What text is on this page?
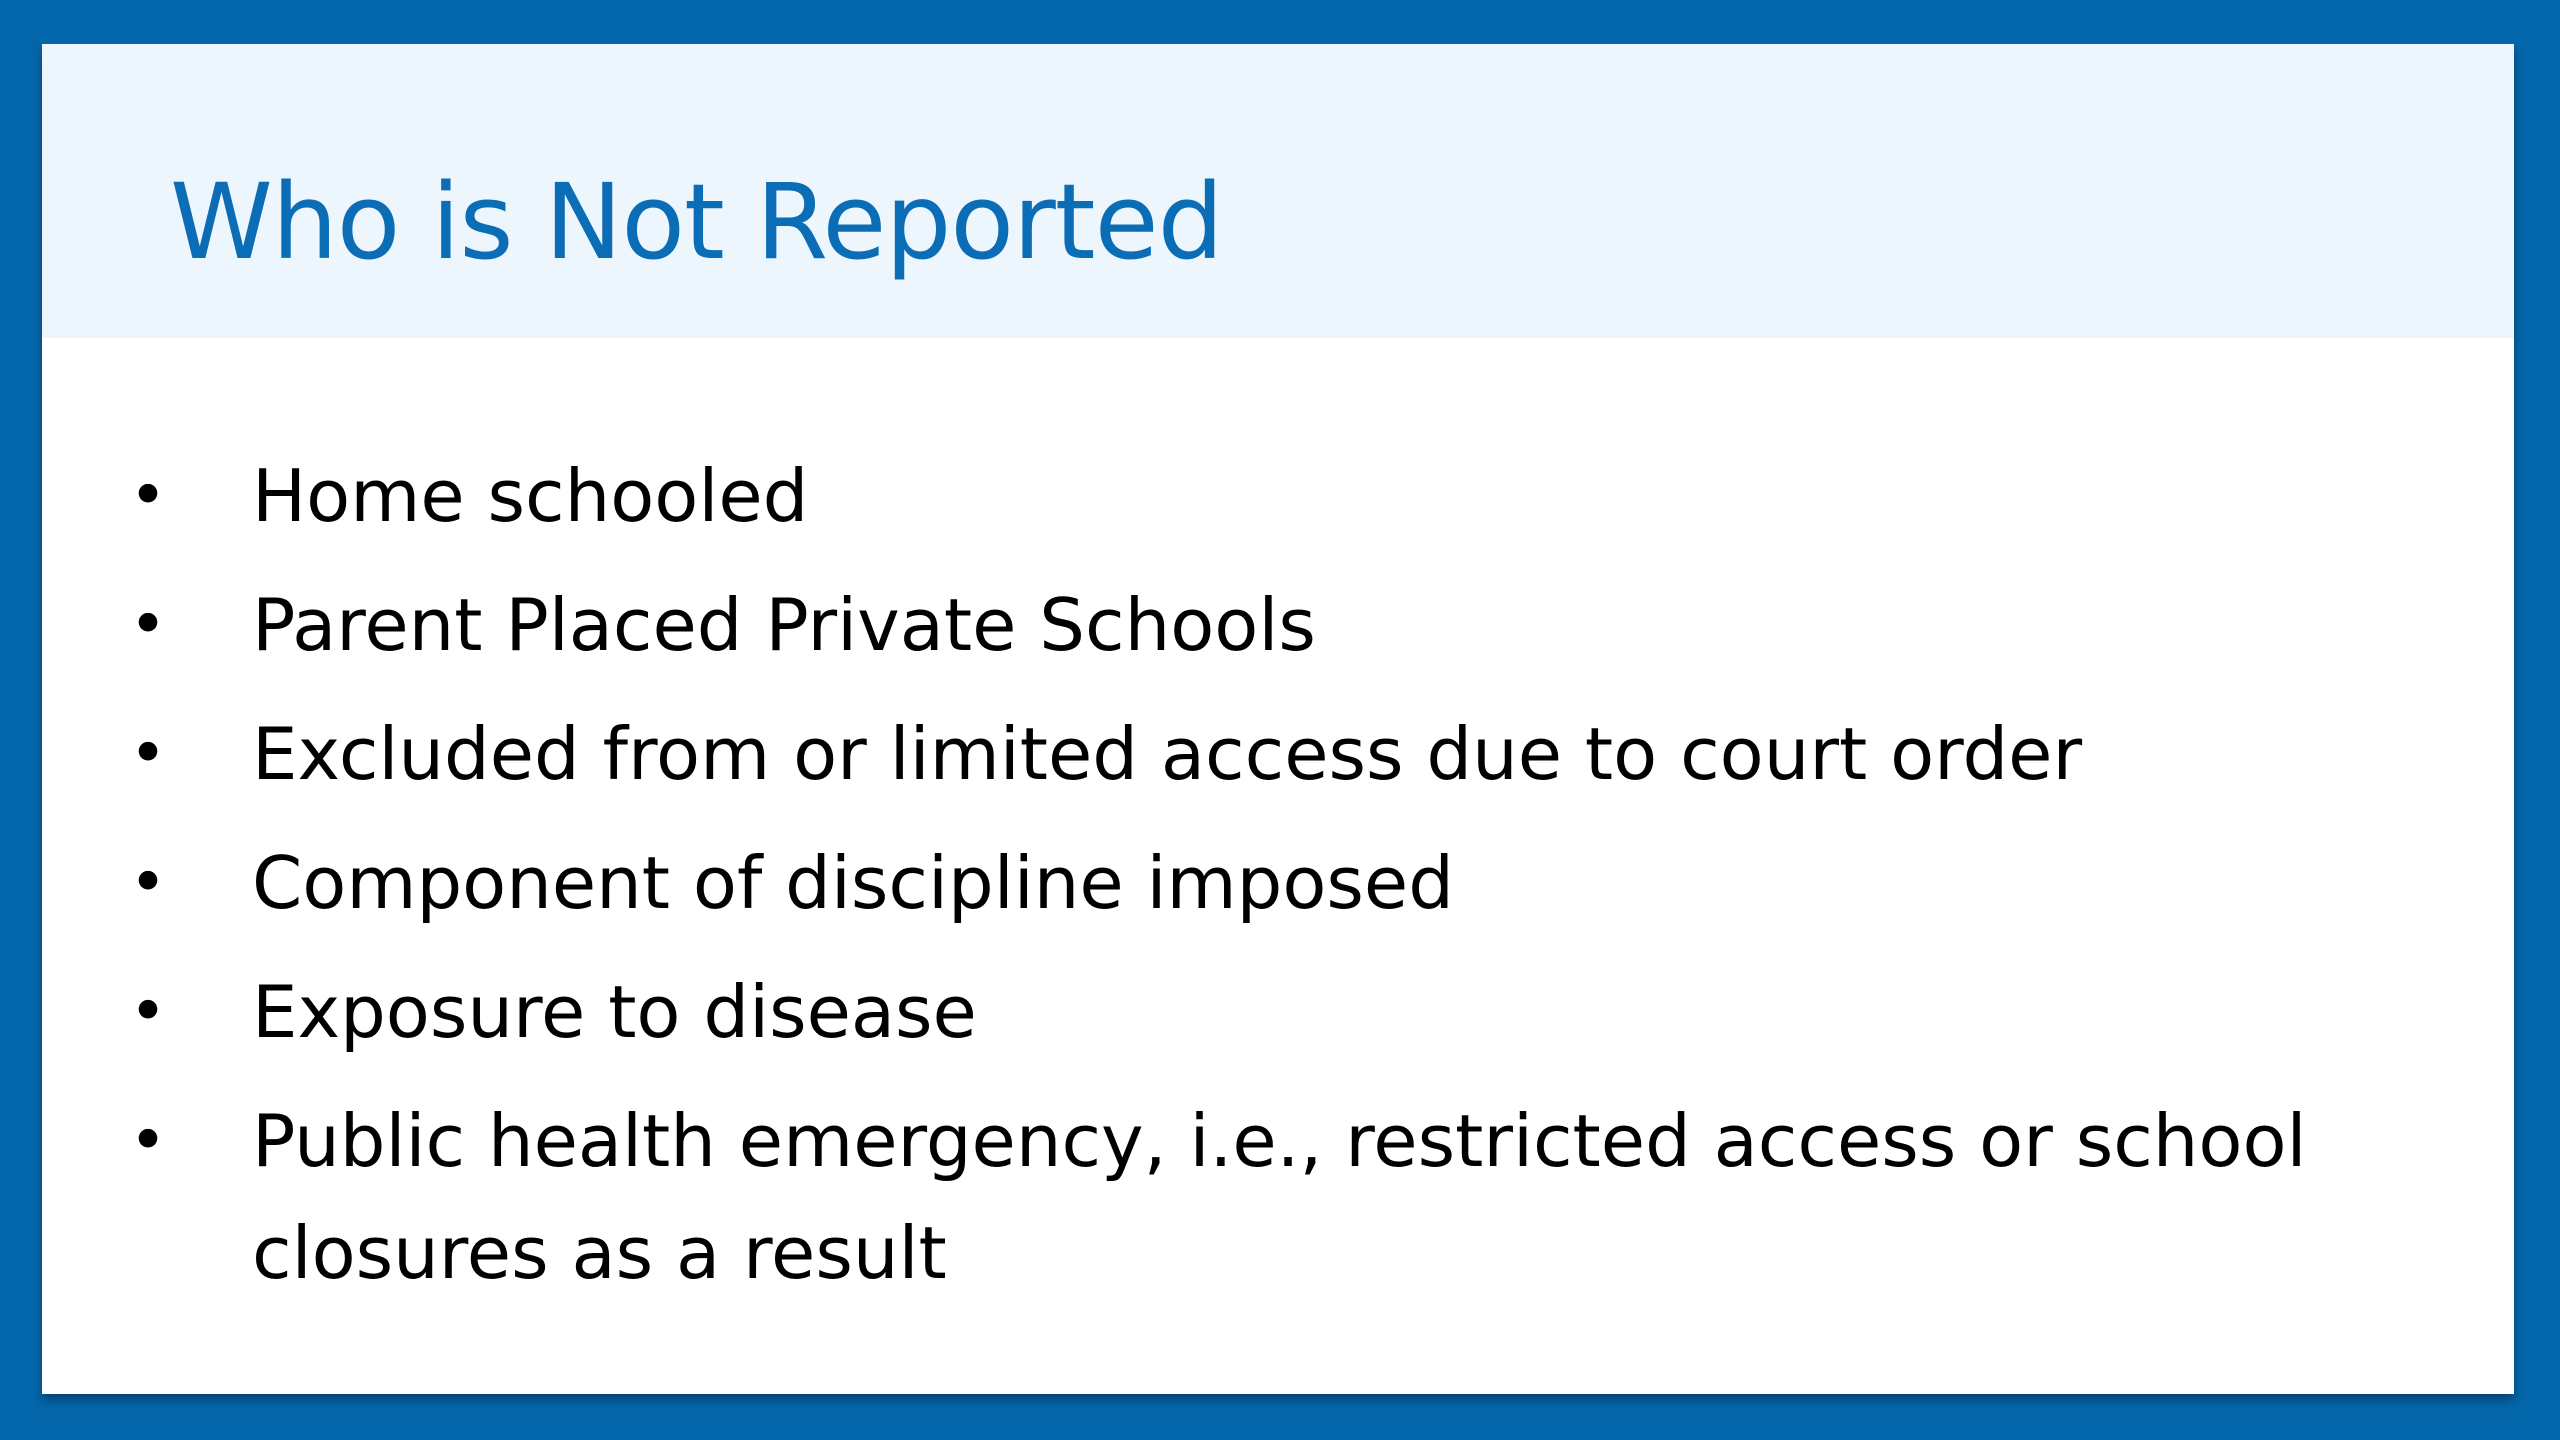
Who is Not Reported
• Home schooled
• Parent Placed Private Schools
• Excluded from or limited access due to court order
• Component of discipline imposed
• Exposure to disease
• Public health emergency, i.e., restricted access or school closures as a result
